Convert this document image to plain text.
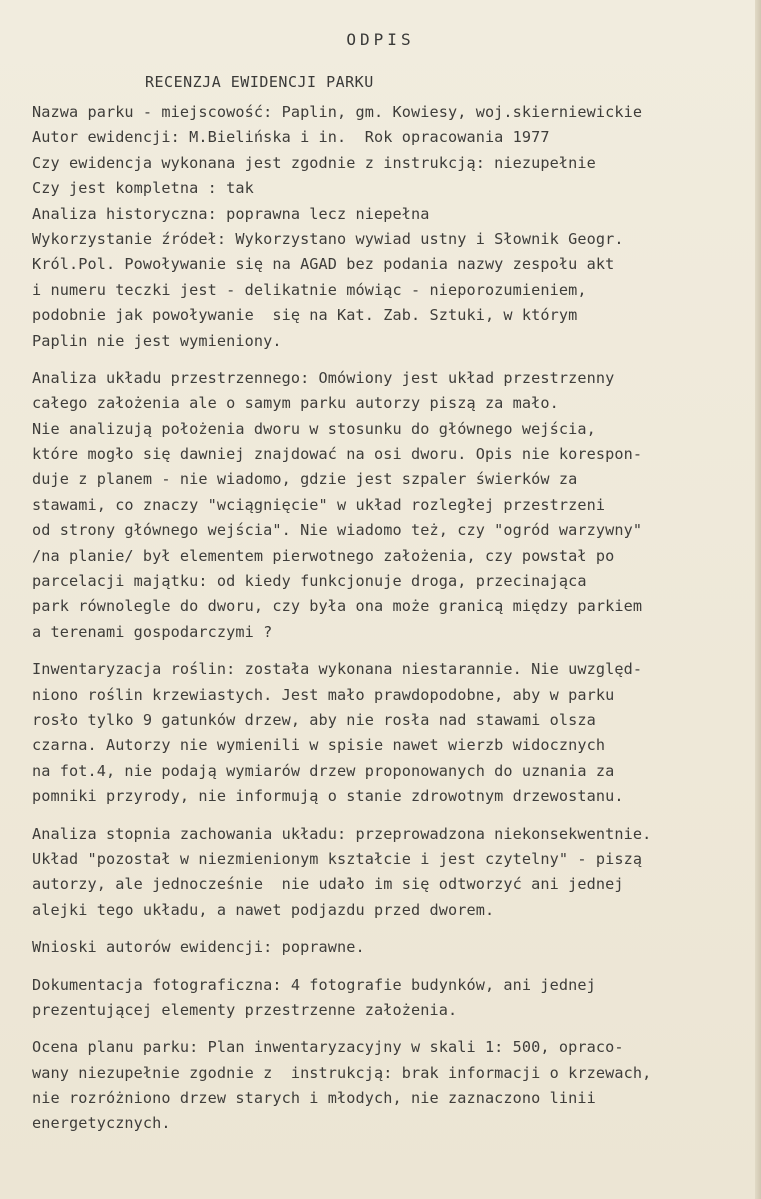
ODPIS
RECENZJA EWIDENCJI PARKU
Nazwa parku - miejscowość: Paplin, gm. Kowiesy, woj.skierniewickie
Autor ewidencji: M.Bielińska i in.  Rok opracowania 1977
Czy ewidencja wykonana jest zgodnie z instrukcją: niezupełnie
Czy jest kompletna : tak
Analiza historyczna: poprawna lecz niepełna
Wykorzystanie źródeł: Wykorzystano wywiad ustny i Słownik Geogr.
Król.Pol. Powoływanie się na AGAD bez podania nazwy zespołu akt
i numeru teczki jest - delikatnie mówiąc - nieporozumieniem,
podobnie jak powoływanie  się na Kat. Zab. Sztuki, w którym
Paplin nie jest wymieniony.
Analiza układu przestrzennego: Omówiony jest układ przestrzenny
całego założenia ale o samym parku autorzy piszą za mało.
Nie analizują położenia dworu w stosunku do głównego wejścia,
które mogło się dawniej znajdować na osi dworu. Opis nie korespon-
duje z planem - nie wiadomo, gdzie jest szpaler świerków za
stawami, co znaczy "wciągnięcie" w układ rozległej przestrzeni
od strony głównego wejścia". Nie wiadomo też, czy "ogród warzywny"
/na planie/ był elementem pierwotnego założenia, czy powstał po
parcelacji majątku: od kiedy funkcjonuje droga, przecinająca
park równolegle do dworu, czy była ona może granicą między parkiem
a terenami gospodarczymi ?
Inwentaryzacja roślin: została wykonana niestarannie. Nie uwzględ-
niono roślin krzewiastych. Jest mało prawdopodobne, aby w parku
rosło tylko 9 gatunków drzew, aby nie rosła nad stawami olsza
czarna. Autorzy nie wymienili w spisie nawet wierzb widocznych
na fot.4, nie podają wymiarów drzew proponowanych do uznania za
pomniki przyrody, nie informują o stanie zdrowotnym drzewostanu.
Analiza stopnia zachowania układu: przeprowadzona niekonsekwentnie.
Układ "pozostał w niezmienionym kształcie i jest czytelny" - piszą
autorzy, ale jednocześnie  nie udało im się odtworzyć ani jednej
alejki tego układu, a nawet podjazdu przed dworem.
Wnioski autorów ewidencji: poprawne.
Dokumentacja fotograficzna: 4 fotografie budynków, ani jednej
prezentującej elementy przestrzenne założenia.
Ocena planu parku: Plan inwentaryzacyjny w skali 1: 500, opraco-
wany niezupełnie zgodnie z  instrukcją: brak informacji o krzewach,
nie rozróżniono drzew starych i młodych, nie zaznaczono linii
energetycznych.
